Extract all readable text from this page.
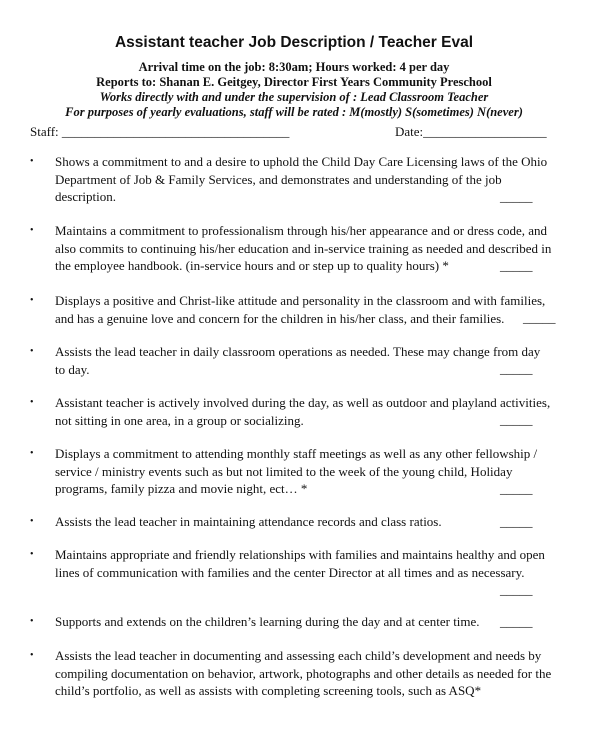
Assistant teacher Job Description / Teacher Eval
Arrival time on the job: 8:30am; Hours worked: 4 per day
Reports to: Shanan E. Geitgey, Director First Years Community Preschool
Works directly with and under the supervision of : Lead Classroom Teacher
For purposes of yearly evaluations, staff will be rated : M(mostly) S(sometimes) N(never)
Staff: ___________________________________	Date:___________________
• Shows a commitment to and a desire to uphold the Child Day Care Licensing laws of the Ohio
Department of Job & Family Services, and demonstrates and understanding of the job
description.	_____
• Maintains a commitment to professionalism through his/her appearance and or dress code, and
also commits to continuing his/her education and in-service training as needed and described in
the employee handbook. (in-service hours and or step up to quality hours) *	_____
• Displays a positive and Christ-like attitude and personality in the classroom and with families,
and has a genuine love and concern for the children in his/her class, and their families.	_____
• Assists the lead teacher in daily classroom operations as needed. These may change from day
to day.	_____
• Assistant teacher is actively involved during the day, as well as outdoor and playland activities,
not sitting in one area, in a group or socializing.	_____
• Displays a commitment to attending monthly staff meetings as well as any other fellowship /
service / ministry events such as but not limited to the week of the young child, Holiday
programs, family pizza and movie night, ect… *	_____
• Assists the lead teacher in maintaining attendance records and class ratios.	_____
• Maintains appropriate and friendly relationships with families and maintains healthy and open
lines of communication with families and the center Director at all times and as necessary.
_____
• Supports and extends on the children’s learning during the day and at center time.	_____
• Assists the lead teacher in documenting and assessing each child’s development and needs by
compiling documentation on behavior, artwork, photographs and other details as needed for the
child’s portfolio, as well as assists with completing screening tools, such as ASQ*
